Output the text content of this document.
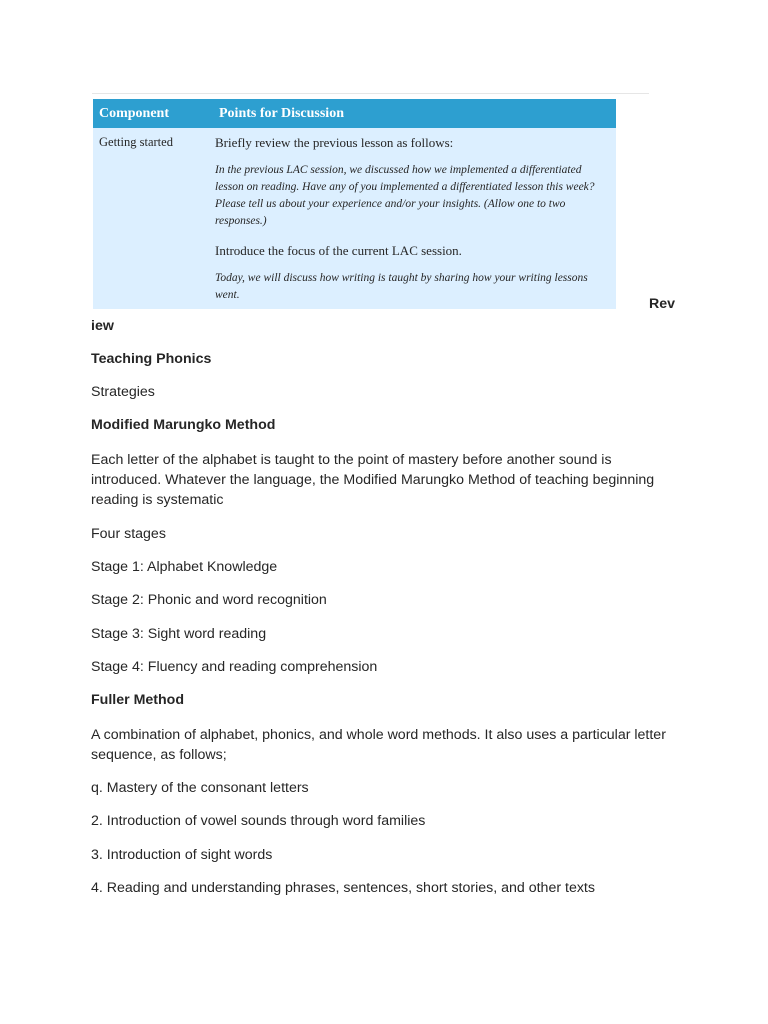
Component	Points for Discussion
Getting started	Briefly review the previous lesson as follows:

In the previous LAC session, we discussed how we implemented a differentiated lesson on reading. Have any of you implemented a differentiated lesson this week? Please tell us about your experience and/or your insights. (Allow one to two responses.)

Introduce the focus of the current LAC session.

Today, we will discuss how writing is taught by sharing how your writing lessons went.

Rev
iew
Teaching Phonics
Strategies
Modified Marungko Method
Each letter of the alphabet is taught to the point of mastery before another sound is introduced. Whatever the language, the Modified Marungko Method of teaching beginning reading is systematic
Four stages
Stage 1: Alphabet Knowledge
Stage 2: Phonic and word recognition
Stage 3: Sight word reading
Stage 4: Fluency and reading comprehension
Fuller Method
A combination of alphabet, phonics, and whole word methods. It also uses a particular letter sequence, as follows;
q. Mastery of the consonant letters
2. Introduction of vowel sounds through word families
3. Introduction of sight words
4. Reading and understanding phrases, sentences, short stories, and other texts
